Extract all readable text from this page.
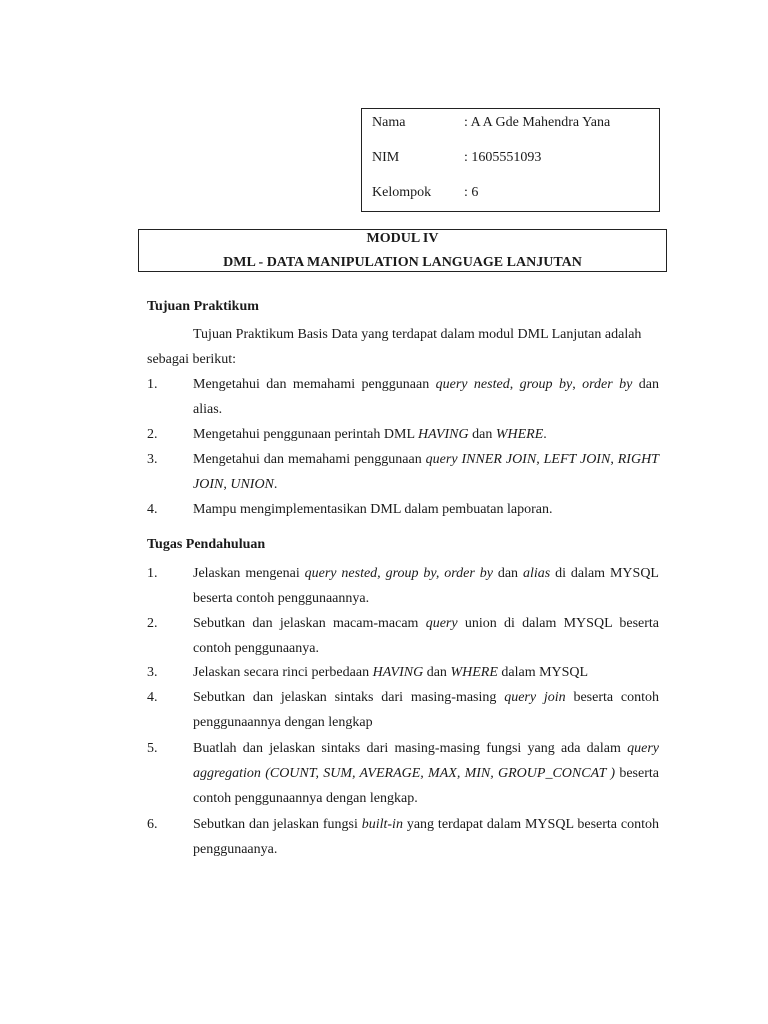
Nama	: A A Gde Mahendra Yana
NIM	: 1605551093
Kelompok	: 6
MODUL IV
DML - DATA MANIPULATION LANGUAGE LANJUTAN
Tujuan Praktikum
Tujuan Praktikum Basis Data yang terdapat dalam modul DML Lanjutan adalah sebagai berikut:
1.	Mengetahui dan memahami penggunaan query nested, group by, order by dan alias.
2.	Mengetahui penggunaan perintah DML HAVING dan WHERE.
3.	Mengetahui dan memahami penggunaan query INNER JOIN, LEFT JOIN, RIGHT JOIN, UNION.
4.	Mampu mengimplementasikan DML dalam pembuatan laporan.
Tugas Pendahuluan
1.	Jelaskan mengenai query nested, group by, order by dan alias di dalam MYSQL beserta contoh penggunaannya.
2.	Sebutkan dan jelaskan macam-macam query union di dalam MYSQL beserta contoh penggunaanya.
3.	Jelaskan secara rinci perbedaan HAVING dan WHERE dalam MYSQL
4.	Sebutkan dan jelaskan sintaks dari masing-masing query join beserta contoh penggunaannya dengan lengkap
5.	Buatlah dan jelaskan sintaks dari masing-masing fungsi yang ada dalam query aggregation (COUNT, SUM, AVERAGE, MAX, MIN, GROUP_CONCAT ) beserta contoh penggunaannya dengan lengkap.
6.	Sebutkan dan jelaskan fungsi built-in yang terdapat dalam MYSQL beserta contoh penggunaanya.
